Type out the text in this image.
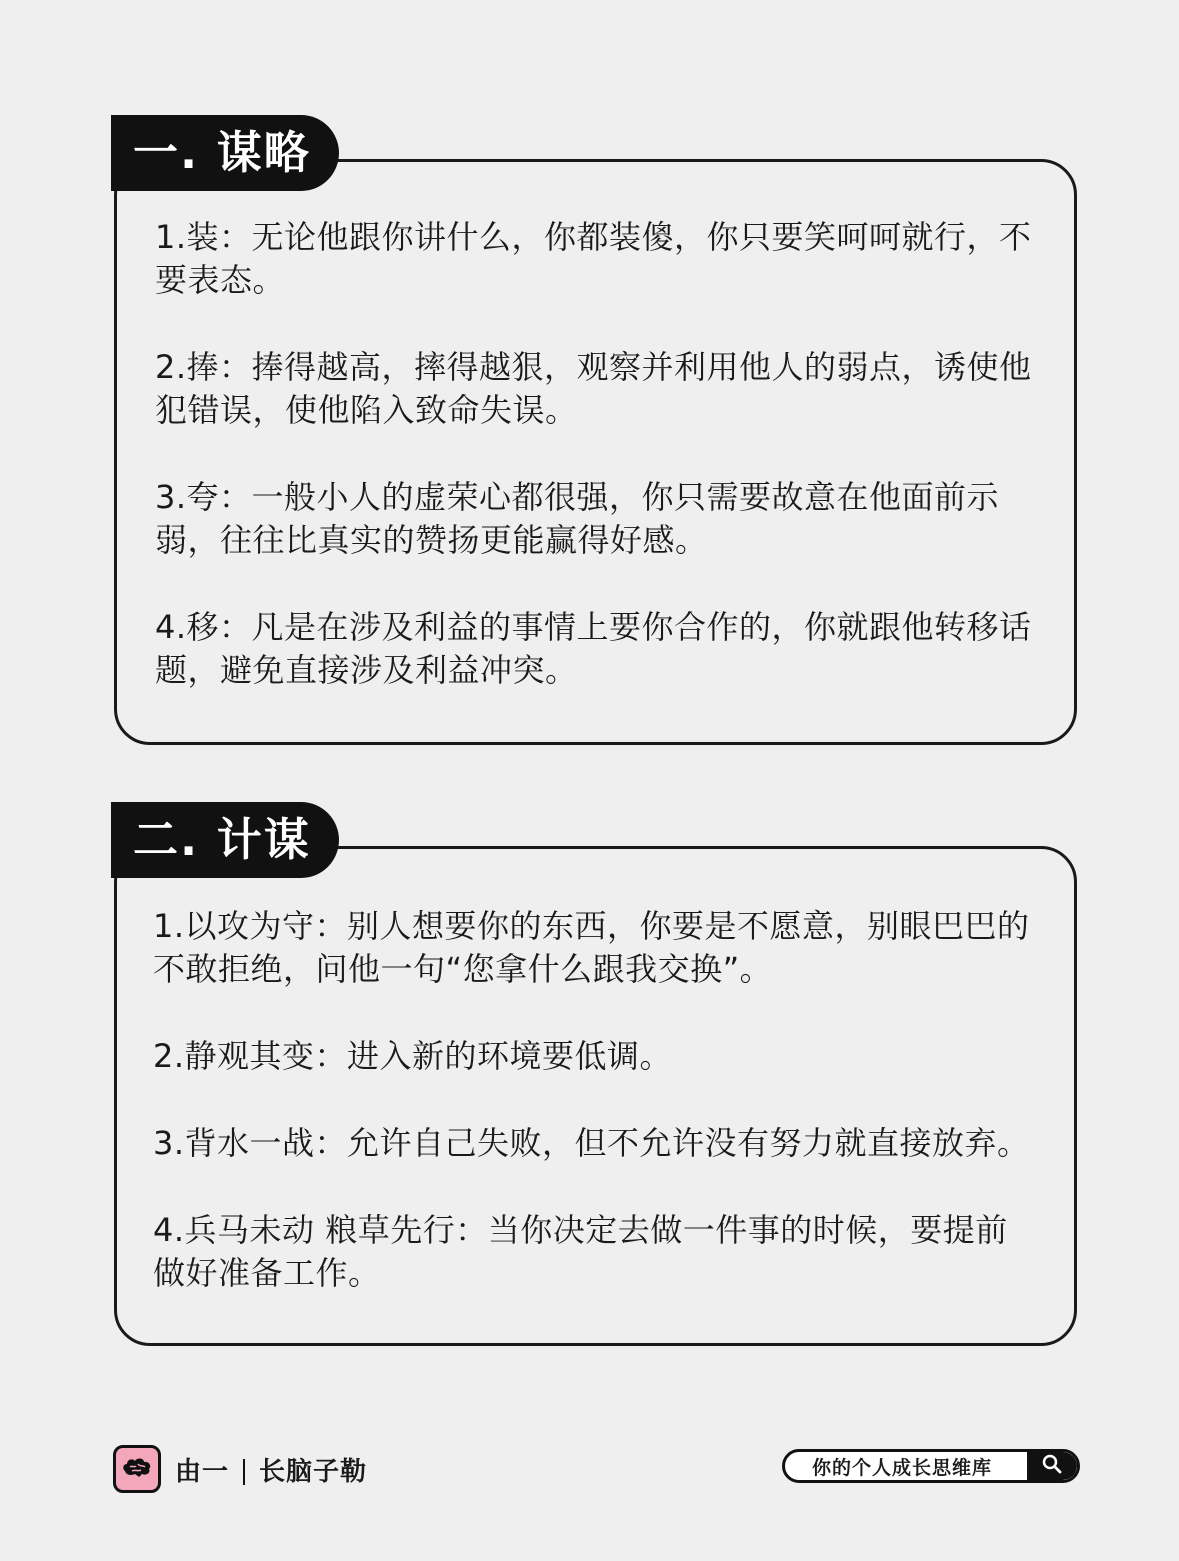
一. 谋略

1.装：无论他跟你讲什么，你都装傻，你只要笑呵呵就行，不要表态。

2.捧：捧得越高，摔得越狠，观察并利用他人的弱点，诱使他犯错误，使他陷入致命失误。

3.夸：一般小人的虚荣心都很强，你只需要故意在他面前示弱，往往比真实的赞扬更能赢得好感。

4.移：凡是在涉及利益的事情上要你合作的，你就跟他转移话题，避免直接涉及利益冲突。

二. 计谋

1.以攻为守：别人想要你的东西，你要是不愿意，别眼巴巴的不敢拒绝，问他一句“您拿什么跟我交换”。

2.静观其变：进入新的环境要低调。

3.背水一战：允许自己失败，但不允许没有努力就直接放弃。

4.兵马未动 粮草先行：当你决定去做一件事的时候，要提前做好准备工作。

由一 长脑子勒	你的个人成长思维库
